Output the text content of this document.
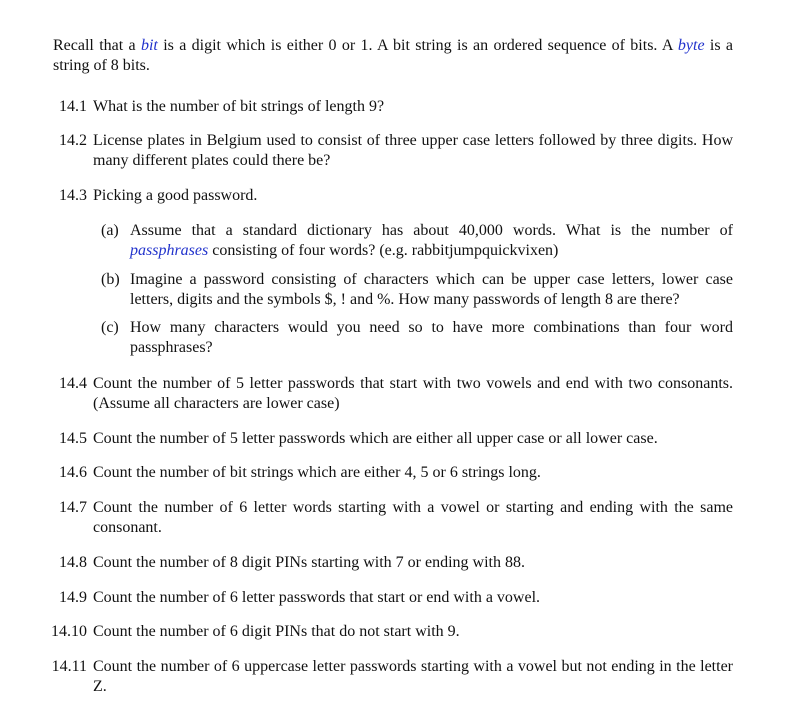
Recall that a bit is a digit which is either 0 or 1. A bit string is an ordered sequence of bits. A byte is a string of 8 bits.
14.1 What is the number of bit strings of length 9?
14.2 License plates in Belgium used to consist of three upper case letters followed by three digits. How many different plates could there be?
14.3 Picking a good password.
(a) Assume that a standard dictionary has about 40,000 words. What is the number of passphrases consisting of four words? (e.g. rabbitjumpquickvixen)
(b) Imagine a password consisting of characters which can be upper case letters, lower case letters, digits and the symbols $, ! and %. How many passwords of length 8 are there?
(c) How many characters would you need so to have more combinations than four word passphrases?
14.4 Count the number of 5 letter passwords that start with two vowels and end with two consonants. (Assume all characters are lower case)
14.5 Count the number of 5 letter passwords which are either all upper case or all lower case.
14.6 Count the number of bit strings which are either 4, 5 or 6 strings long.
14.7 Count the number of 6 letter words starting with a vowel or starting and ending with the same consonant.
14.8 Count the number of 8 digit PINs starting with 7 or ending with 88.
14.9 Count the number of 6 letter passwords that start or end with a vowel.
14.10 Count the number of 6 digit PINs that do not start with 9.
14.11 Count the number of 6 uppercase letter passwords starting with a vowel but not ending in the letter Z.
